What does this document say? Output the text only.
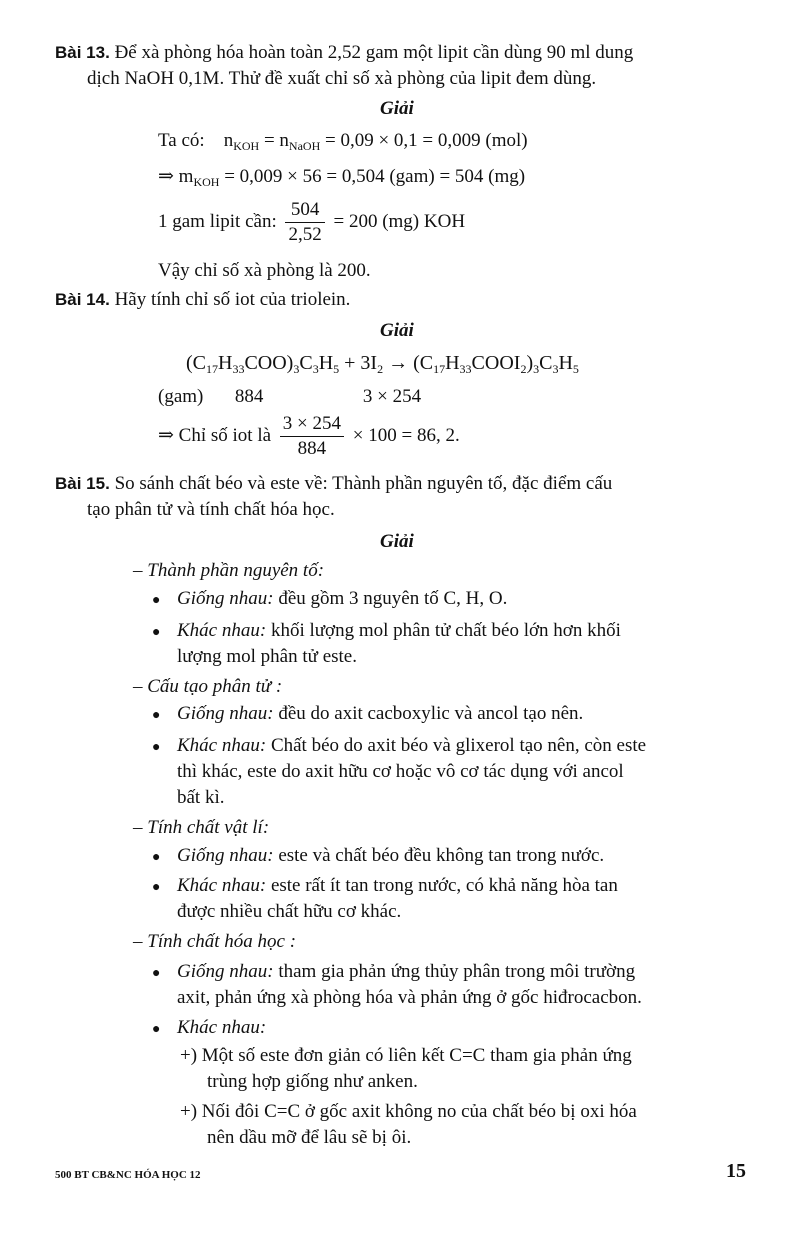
Bài 13. Để xà phòng hóa hoàn toàn 2,52 gam một lipit cần dùng 90 ml dung
dịch NaOH 0,1M. Thử đề xuất chỉ số xà phòng của lipit đem dùng.
Giải
Ta có: $n_{KOH} = n_{NaOH} = 0,09 \times 0,1 = 0,009$ (mol)
⇒ $m_{KOH} = 0,009 \times 56 = 0,504$ (gam) = 504 (mg)
1 gam lipit cần: $\frac{504}{2,52} = 200$ (mg) KOH
Vậy chỉ số xà phòng là 200.
Bài 14. Hãy tính chỉ số iot của triolein.
Giải
$(C_{17}H_{33}COO)_3C_3H_5 + 3I_2$ → $(C_{17}H_{33}COOI_2)_3C_3H_5$
(gam) 884	3 × 254
⇒ Chỉ số iot là $\frac{3 \times 254}{884} \times 100 = 86$, 2.
Bài 15. So sánh chất béo và este về: Thành phần nguyên tố, đặc điểm cấu
tạo phân tử và tính chất hóa học.
Giải
– Thành phần nguyên tố:
● Giống nhau: đều gồm 3 nguyên tố C, H, O.
● Khác nhau: khối lượng mol phân tử chất béo lớn hơn khối
lượng mol phân tử este.
– Cấu tạo phân tử :
● Giống nhau: đều do axit cacboxylic và ancol tạo nên.
● Khác nhau: Chất béo do axit béo và glixerol tạo nên, còn este
thì khác, este do axit hữu cơ hoặc vô cơ tác dụng với ancol
bất kì.
– Tính chất vật lí:
● Giống nhau: este và chất béo đều không tan trong nước.
● Khác nhau: este rất ít tan trong nước, có khả năng hòa tan
được nhiều chất hữu cơ khác.
– Tính chất hóa học :
● Giống nhau: tham gia phản ứng thủy phân trong môi trường
axit, phản ứng xà phòng hóa và phản ứng ở gốc hiđrocacbon.
● Khác nhau:
+) Một số este đơn giản có liên kết C=C tham gia phản ứng
trùng hợp giống như anken.
+) Nối đôi C=C ở gốc axit không no của chất béo bị oxi hóa
nên dầu mỡ để lâu sẽ bị ôi.
500 BT CB&NC HÓA HỌC 12	15
